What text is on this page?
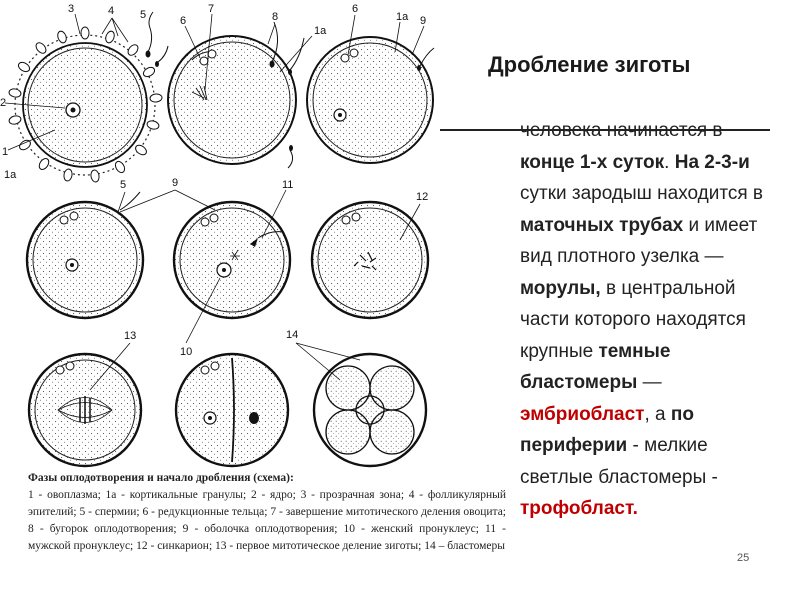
3	4 5	6
7
8
1а
6
1а 9
2
1
1а
5	9	11
12
13
10
14
Дробление зиготы
человека начинается в конце 1-х суток. На 2-3-и сутки зародыш находится в маточных трубах и имеет вид плотного узелка — морулы, в центральной части которого находятся крупные темные бластомеры — эмбриобласт, а по периферии - мелкие светлые бластомеры - трофобласт.
Фазы оплодотворения и начало дробления (схема):
1 - овоплазма; 1а - кортикальные гранулы; 2 - ядро; 3 - прозрачная зона; 4 - фолликулярный эпителий; 5 - спермии; 6 - редукционные тельца; 7 - завершение митотического деления овоцита; 8 - бугорок оплодотворения; 9 - оболочка оплодотворения; 10 - женский пронуклеус; 11 - мужской пронуклеус; 12 - синкарион; 13 - первое митотическое деление зиготы; 14 – бластомеры
25
